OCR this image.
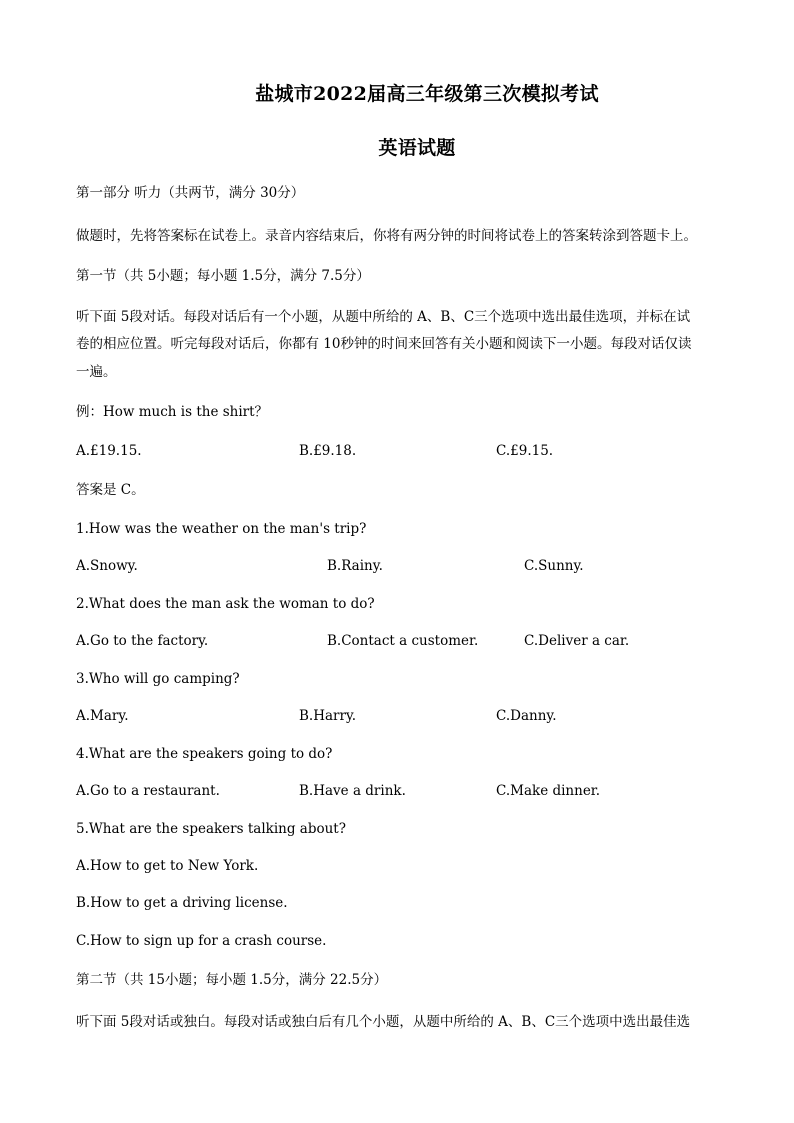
盐城市2022届高三年级第三次模拟考试
英语试题
第一部分 听力（共两节，满分 30分）
做题时，先将答案标在试卷上。录音内容结束后，你将有两分钟的时间将试卷上的答案转涂到答题卡上。
第一节（共 5小题；每小题 1.5分，满分 7.5分）
听下面 5段对话。每段对话后有一个小题，从题中所给的 A、B、C三个选项中选出最佳选项，并标在试
卷的相应位置。听完每段对话后，你都有 10秒钟的时间来回答有关小题和阅读下一小题。每段对话仅读
一遍。
例：How much is the shirt？
A.£19.15.	B.£9.18.	C.£9.15.
答案是 C。
1.How was the weather on the man's trip?
A.Snowy.	B.Rainy.	C.Sunny.
2.What does the man ask the woman to do?
A.Go to the factory.	B.Contact a customer.	C.Deliver a car.
3.Who will go camping?
A.Mary.	B.Harry.	C.Danny.
4.What are the speakers going to do?
A.Go to a restaurant.	B.Have a drink.	C.Make dinner.
5.What are the speakers talking about?
A.How to get to New York.
B.How to get a driving license.
C.How to sign up for a crash course.
第二节（共 15小题；每小题 1.5分，满分 22.5分）
听下面 5段对话或独白。每段对话或独白后有几个小题，从题中所给的 A、B、C三个选项中选出最佳选
